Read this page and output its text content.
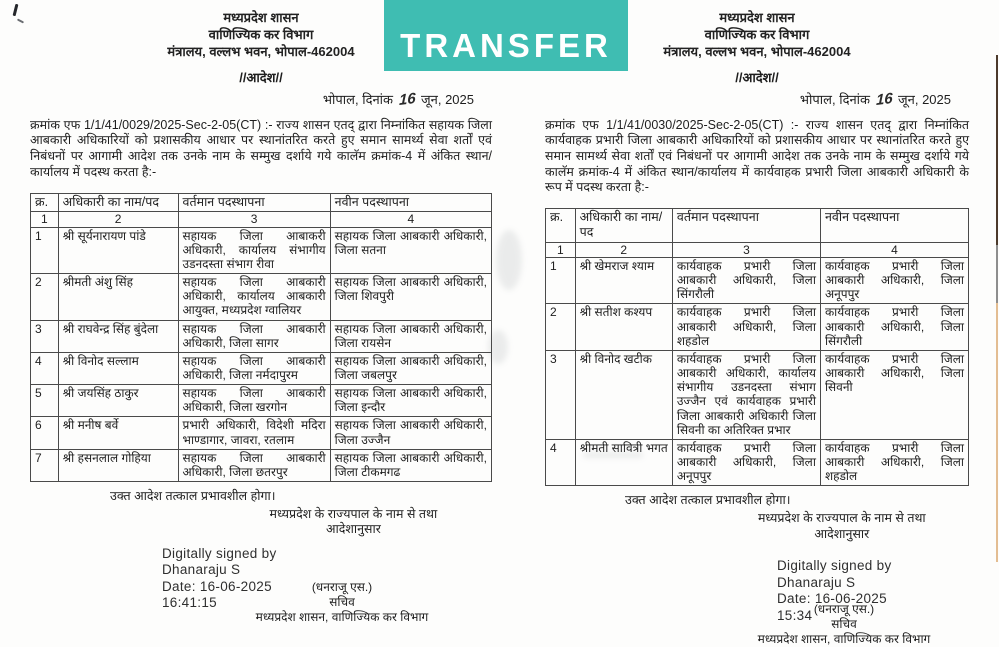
मध्यप्रदेश शासन
वाणिज्यिक कर विभाग
मंत्रालय, वल्लभ भवन, भोपाल-462004
//आदेश//
भोपाल, दिनांक 16 जून, 2025

क्रमांक एफ 1/1/41/0029/2025-Sec-2-05(CT) :- राज्य शासन एतद् द्वारा निम्नांकित सहायक जिला आबकारी अधिकारियों को प्रशासकीय आधार पर स्थानांतरित करते हुए समान सामर्थ्य सेवा शर्तों एवं निबंधनों पर आगामी आदेश तक उनके नाम के सम्मुख दर्शाये गये कालॅम क्रमांक-4 में अंकित स्थान/कार्यालय में पदस्थ करता है:-

क्र.	अधिकारी का नाम/पद	वर्तमान पदस्थापना	नवीन पदस्थापना
1	2	3	4
1	श्री सूर्यनारायण पांडे	सहायक जिला आबाकरी अधिकारी, कार्यालय संभागीय उडनदस्ता संभाग रीवा	सहायक जिला आबकारी अधिकारी, जिला सतना
2	श्रीमती अंशु सिंह	सहायक जिला आबकारी अधिकारी, कार्यालय आबकारी आयुक्त, मध्यप्रदेश ग्वालियर	सहायक जिला आबकारी अधिकारी, जिला शिवपुरी
3	श्री राघवेन्द्र सिंह बुंदेला	सहायक जिला आबकारी अधिकारी, जिला सागर	सहायक जिला आबकारी अधिकारी, जिला रायसेन
4	श्री विनोद सल्लाम	सहायक जिला आबकारी अधिकारी, जिला नर्मदापुरम	सहायक जिला आबकारी अधिकारी, जिला जबलपुर
5	श्री जयसिंह ठाकुर	सहायक जिला आबकारी अधिकारी, जिला खरगोन	सहायक जिला आबकारी अधिकारी, जिला इन्दौर
6	श्री मनीष बर्वे	प्रभारी अधिकारी, विदेशी मदिरा भाण्डागार, जावरा, रतलाम	सहायक जिला आबकारी अधिकारी, जिला उज्जैन
7	श्री हसनलाल गोहिया	सहायक जिला आबकारी अधिकारी, जिला छतरपुर	सहायक जिला आबकारी अधिकारी, जिला टीकमगढ
उक्त आदेश तत्काल प्रभावशील होगा।
मध्यप्रदेश के राज्यपाल के नाम से तथा
आदेशानुसार
Digitally signed by
Dhanaraju S
Date: 16-06-2025
16:41:15
(धनराजू एस.)
सचिव
मध्यप्रदेश शासन, वाणिज्यिक कर विभाग
मध्यप्रदेश शासन
वाणिज्यिक कर विभाग
मंत्रालय, वल्लभ भवन, भोपाल-462004
//आदेश//
भोपाल, दिनांक 16 जून, 2025

क्रमांक एफ 1/1/41/0030/2025-Sec-2-05(CT) :- राज्य शासन एतद् द्वारा निम्नांकित कार्यवाहक प्रभारी जिला आबकारी अधिकारियों को प्रशासकीय आधार पर स्थानांतरित करते हुए समान सामर्थ्य सेवा शर्तों एवं निबंधनों पर आगामी आदेश तक उनके नाम के सम्मुख दर्शाये गये कालॅम क्रमांक-4 में अंकित स्थान/कार्यालय में कार्यवाहक प्रभारी जिला आबकारी अधिकारी के रूप में पदस्थ करता है:-

क्र.	अधिकारी का नाम/पद	वर्तमान पदस्थापना	नवीन पदस्थापना
1	2	3	4
1	श्री खेमराज श्याम	कार्यवाहक प्रभारी जिला आबकारी अधिकारी, जिला सिंगरौली	कार्यवाहक प्रभारी जिला आबकारी अधिकारी, जिला अनूपपुर
2	श्री सतीश कश्यप	कार्यवाहक प्रभारी जिला आबकारी अधिकारी, जिला शहडोल	कार्यवाहक प्रभारी जिला आबकारी अधिकारी, जिला सिंगरौली
3	श्री विनोद खटीक	कार्यवाहक प्रभारी जिला आबकारी अधिकारी, कार्यालय संभागीय उडनदस्ता संभाग उज्जैन एवं कार्यवाहक प्रभारी जिला आबकारी अधिकारी जिला सिवनी का अतिरिक्त प्रभार	कार्यवाहक प्रभारी जिला आबकारी अधिकारी, जिला सिवनी
4	श्रीमती सावित्री भगत	कार्यवाहक प्रभारी जिला आबकारी अधिकारी, जिला अनूपपुर	कार्यवाहक प्रभारी जिला आबकारी अधिकारी, जिला शहडोल
उक्त आदेश तत्काल प्रभावशील होगा।
मध्यप्रदेश के राज्यपाल के नाम से तथा
आदेशानुसार
Digitally signed by
Dhanaraju S
Date: 16-06-2025
15:34 (धनराजू एस.)
सचिव
मध्यप्रदेश शासन, वाणिज्यिक कर विभाग
TRANSFER
